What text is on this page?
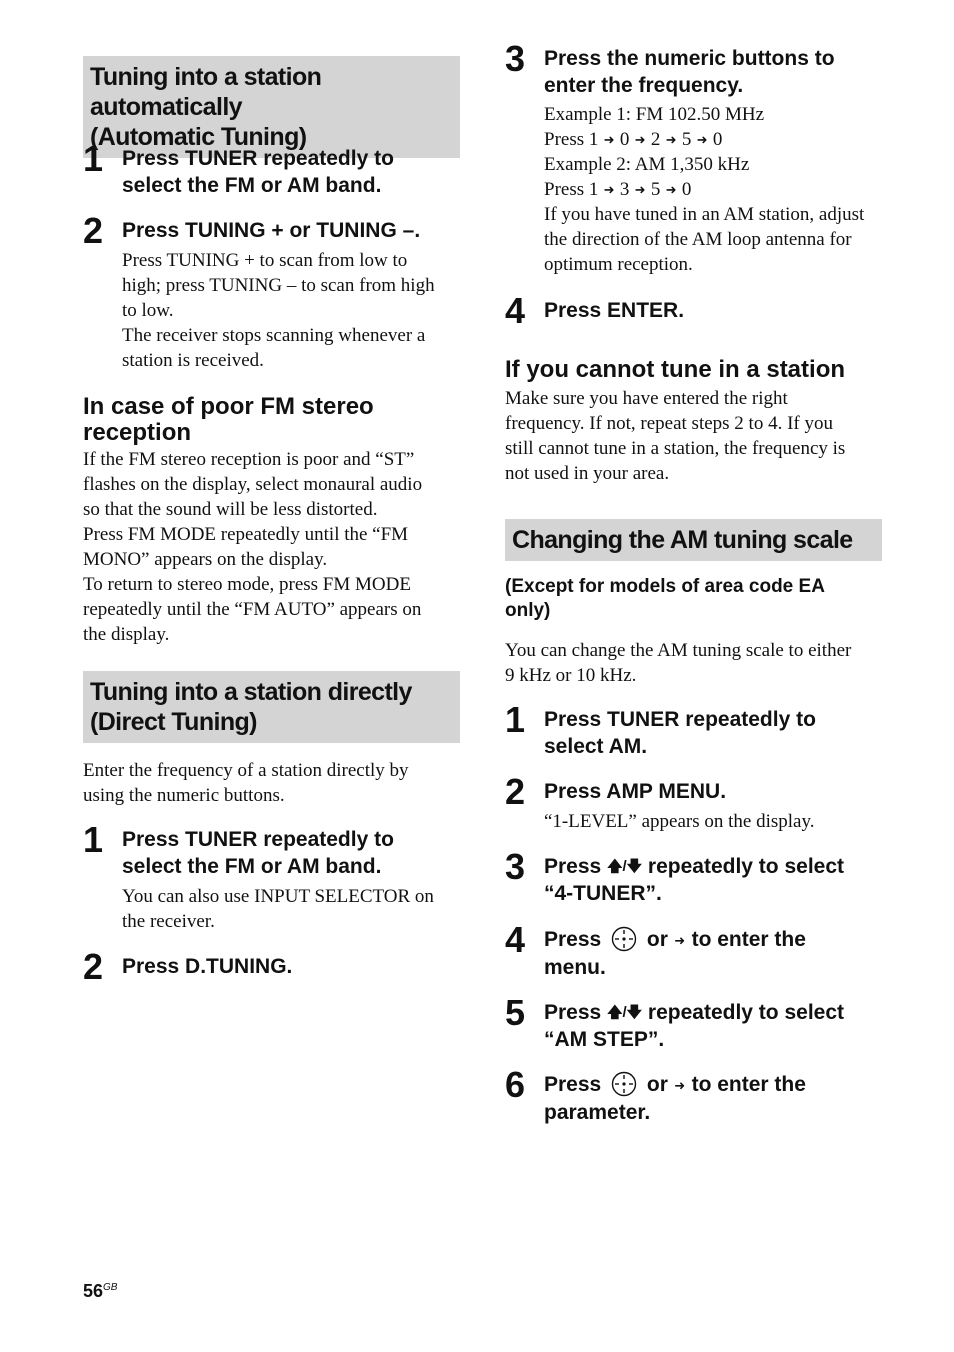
Tuning into a station automatically
(Automatic Tuning)
1 Press TUNER repeatedly to
select the FM or AM band.
2 Press TUNING + or TUNING –.
Press TUNING + to scan from low to
high; press TUNING – to scan from high
to low.
The receiver stops scanning whenever a
station is received.
In case of poor FM stereo
reception
If the FM stereo reception is poor and “ST”
flashes on the display, select monaural audio
so that the sound will be less distorted.
Press FM MODE repeatedly until the “FM
MONO” appears on the display.
To return to stereo mode, press FM MODE
repeatedly until the “FM AUTO” appears on
the display.
Tuning into a station directly
(Direct Tuning)
Enter the frequency of a station directly by
using the numeric buttons.
1 Press TUNER repeatedly to
select the FM or AM band.
You can also use INPUT SELECTOR on
the receiver.
2 Press D.TUNING.
3 Press the numeric buttons to
enter the frequency.
Example 1: FM 102.50 MHz
Press 1 ➜ 0 ➜ 2 ➜ 5 ➜ 0
Example 2: AM 1,350 kHz
Press 1 ➜ 3 ➜ 5 ➜ 0
If you have tuned in an AM station, adjust
the direction of the AM loop antenna for
optimum reception.
4 Press ENTER.
If you cannot tune in a station
Make sure you have entered the right
frequency. If not, repeat steps 2 to 4. If you
still cannot tune in a station, the frequency is
not used in your area.
Changing the AM tuning scale
(Except for models of area code EA
only)
You can change the AM tuning scale to either
9 kHz or 10 kHz.
1 Press TUNER repeatedly to
select AM.
2 Press AMP MENU.
“1-LEVEL” appears on the display.
3 Press 🡅/🡇 repeatedly to select
“4-TUNER”.
4 Press or ➜ to enter the
menu.
5 Press 🡅/🡇 repeatedly to select
“AM STEP”.
6 Press or ➜ to enter the
parameter.
$56^{GB}$
